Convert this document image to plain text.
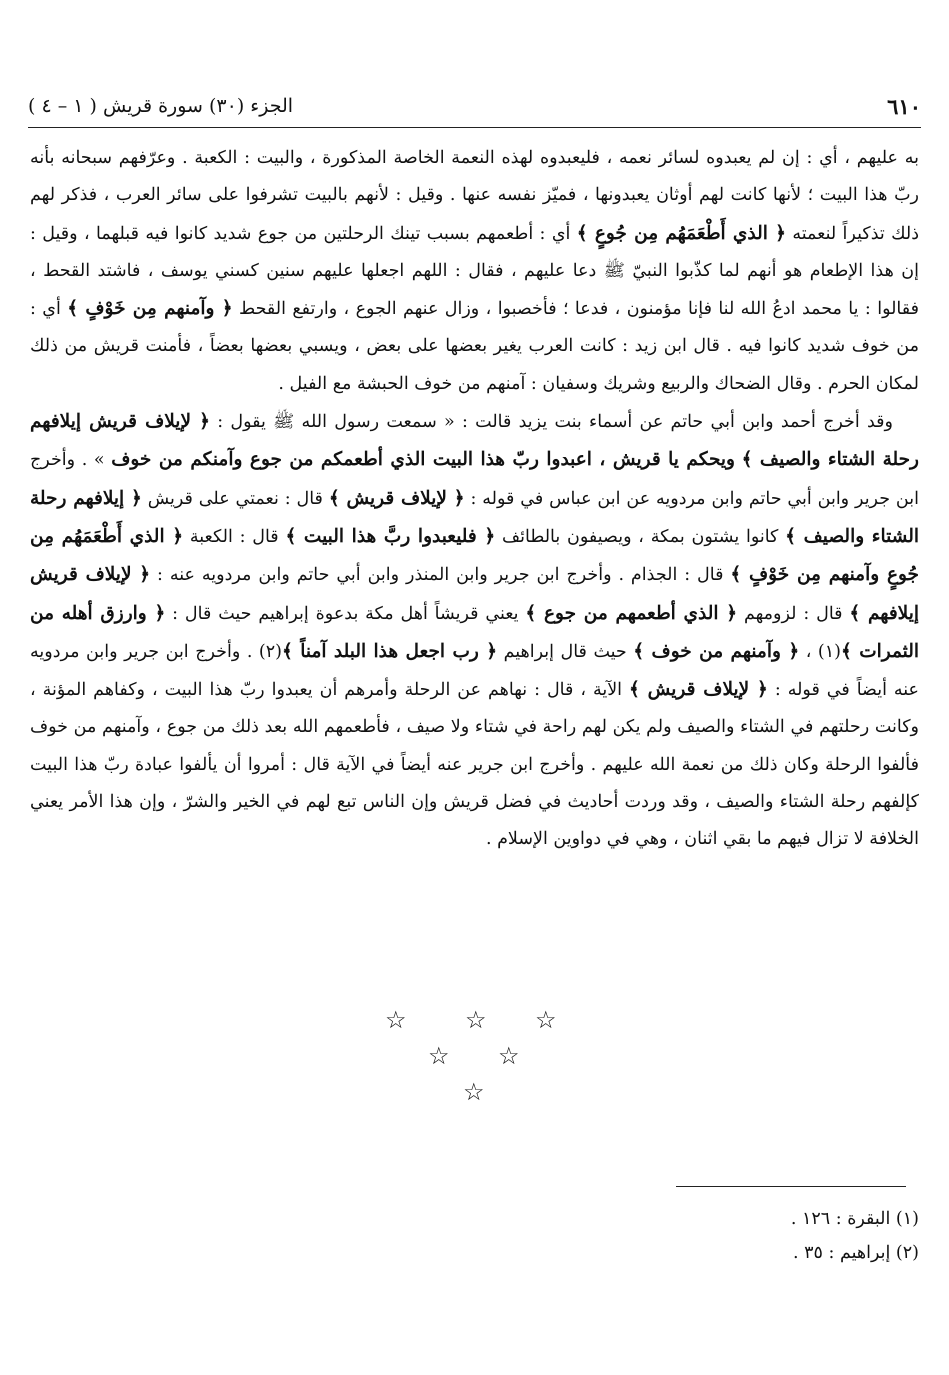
٦١٠
الجزء (٣٠) سورة قريش ( ١ – ٤ )

به عليهم ، أي : إن لم يعبدوه لسائر نعمه ، فليعبدوه لهذه النعمة الخاصة المذكورة ، والبيت : الكعبة . وعرّفهم سبحانه بأنه ربّ هذا البيت ؛ لأنها كانت لهم أوثان يعبدونها ، فميّز نفسه عنها . وقيل : لأنهم بالبيت تشرفوا على سائر العرب ، فذكر لهم ذلك تذكيراً لنعمته ﴿ الذي أَطْعَمَهُم مِن جُوعٍ ﴾ أي : أطعمهم بسبب تينك الرحلتين من جوع شديد كانوا فيه قبلهما ، وقيل : إن هذا الإطعام هو أنهم لما كذّبوا النبيّ ﷺ دعا عليهم ، فقال : اللهم اجعلها عليهم سنين كسني يوسف ، فاشتد القحط ، فقالوا : يا محمد ادعُ الله لنا فإنا مؤمنون ، فدعا ؛ فأخصبوا ، وزال عنهم الجوع ، وارتفع القحط ﴿ وآمنهم مِن خَوْفٍ ﴾ أي : من خوف شديد كانوا فيه . قال ابن زيد : كانت العرب يغير بعضها على بعض ، ويسبي بعضها بعضاً ، فأمنت قريش من ذلك لمكان الحرم . وقال الضحاك والربيع وشريك وسفيان : آمنهم من خوف الحبشة مع الفيل .

وقد أخرج أحمد وابن أبي حاتم عن أسماء بنت يزيد قالت : « سمعت رسول الله ﷺ يقول : ﴿ لإيلاف قريش إيلافهم رحلة الشتاء والصيف ﴾ ويحكم يا قريش ، اعبدوا ربّ هذا البيت الذي أطعمكم من جوع وآمنكم من خوف » . وأخرج ابن جرير وابن أبي حاتم وابن مردويه عن ابن عباس في قوله : ﴿ لإيلاف قريش ﴾ قال : نعمتي على قريش ﴿ إيلافهم رحلة الشتاء والصيف ﴾ كانوا يشتون بمكة ، ويصيفون بالطائف ﴿ فليعبدوا ربَّ هذا البيت ﴾ قال : الكعبة ﴿ الذي أَطْعَمَهُم مِن جُوعٍ وآمنهم مِن خَوْفٍ ﴾ قال : الجذام . وأخرج ابن جرير وابن المنذر وابن أبي حاتم وابن مردويه عنه : ﴿ لإيلاف قريش إيلافهم ﴾ قال : لزومهم ﴿ الذي أطعمهم من جوع ﴾ يعني قريشاً أهل مكة بدعوة إبراهيم حيث قال : ﴿ وارزق أهله من الثمرات ﴾(١) ، ﴿ وآمنهم من خوف ﴾ حيث قال إبراهيم ﴿ رب اجعل هذا البلد آمناً ﴾(٢) . وأخرج ابن جرير وابن مردويه عنه أيضاً في قوله : ﴿ لإيلاف قريش ﴾ الآية ، قال : نهاهم عن الرحلة وأمرهم أن يعبدوا ربّ هذا البيت ، وكفاهم المؤنة ، وكانت رحلتهم في الشتاء والصيف ولم يكن لهم راحة في شتاء ولا صيف ، فأطعمهم الله بعد ذلك من جوع ، وآمنهم من خوف فألفوا الرحلة وكان ذلك من نعمة الله عليهم . وأخرج ابن جرير عنه أيضاً في الآية قال : أمروا أن يألفوا عبادة ربّ هذا البيت كإلفهم رحلة الشتاء والصيف ، وقد وردت أحاديث في فضل قريش وإن الناس تبع لهم في الخير والشرّ ، وإن هذا الأمر يعني الخلافة لا تزال فيهم ما بقي اثنان ، وهي في دواوين الإسلام .

☆ ☆ ☆
☆ ☆
☆
(١) البقرة : ١٢٦ .
(٢) إبراهيم : ٣٥ .
